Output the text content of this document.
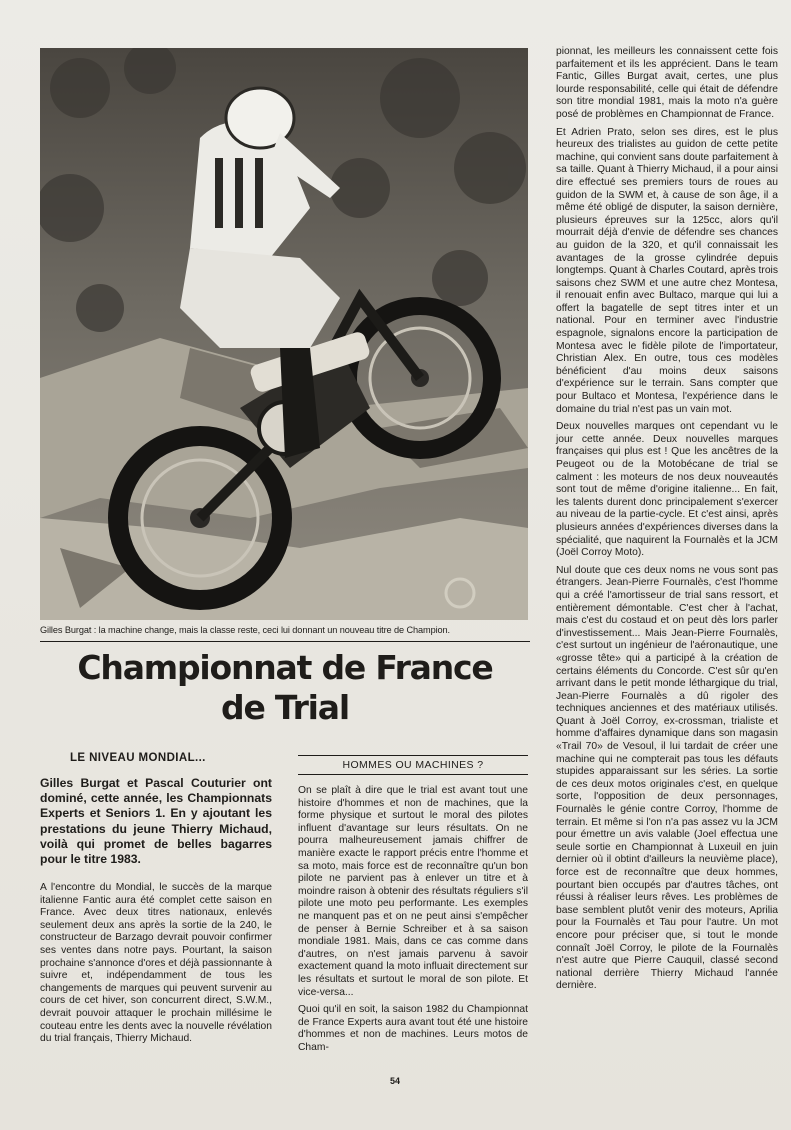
Gilles Burgat : la machine change, mais la classe reste, ceci lui donnant un nouveau titre de Champion.
Championnat de France
de Trial
LE NIVEAU MONDIAL...
HOMMES OU MACHINES ?
Gilles Burgat et Pascal Couturier ont dominé, cette année, les Championnats Experts et Seniors 1. En y ajoutant les prestations du jeune Thierry Michaud, voilà qui promet de belles bagarres pour le titre 1983.

A l'encontre du Mondial, le succès de la marque italienne Fantic aura été complet cette saison en France. Avec deux titres nationaux, enlevés seulement deux ans après la sortie de la 240, le constructeur de Barzago devrait pouvoir confirmer ses ventes dans notre pays. Pourtant, la saison prochaine s'annonce d'ores et déjà passionnante à suivre et, indépendamment de tous les changements de marques qui peuvent survenir au cours de cet hiver, son concurrent direct, S.W.M., devrait pouvoir attaquer le prochain millésime le couteau entre les dents avec la nouvelle révélation du trial français, Thierry Michaud.

On se plaît à dire que le trial est avant tout une histoire d'hommes et non de machines, que la forme physique et surtout le moral des pilotes influent d'avantage sur leurs résultats. On ne pourra malheureusement jamais chiffrer de manière exacte le rapport précis entre l'homme et sa moto, mais force est de reconnaître qu'un bon pilote ne parvient pas à enlever un titre et à moindre raison à obtenir des résultats réguliers s'il pilote une moto peu performante. Les exemples ne manquent pas et on ne peut ainsi s'empêcher de penser à Bernie Schreiber et à sa saison mondiale 1981. Mais, dans ce cas comme dans d'autres, on n'est jamais parvenu à savoir exactement quand la moto influait directement sur les résultats et surtout le moral de son pilote. Et vice-versa...

Quoi qu'il en soit, la saison 1982 du Championnat de France Experts aura avant tout été une histoire d'hommes et non de machines. Leurs motos de Cham-

pionnat, les meilleurs les connaissent cette fois parfaitement et ils les apprécient. Dans le team Fantic, Gilles Burgat avait, certes, une plus lourde responsabilité, celle qui était de défendre son titre mondial 1981, mais la moto n'a guère posé de problèmes en Championnat de France.

Et Adrien Prato, selon ses dires, est le plus heureux des trialistes au guidon de cette petite machine, qui convient sans doute parfaitement à sa taille. Quant à Thierry Michaud, il a pour ainsi dire effectué ses premiers tours de roues au guidon de la SWM et, à cause de son âge, il a même été obligé de disputer, la saison dernière, plusieurs épreuves sur la 125cc, alors qu'il mourrait déjà d'envie de défendre ses chances au guidon de la 320, et qu'il connaissait les avantages de la grosse cylindrée depuis longtemps. Quant à Charles Coutard, après trois saisons chez SWM et une autre chez Montesa, il renouait enfin avec Bultaco, marque qui lui a offert la bagatelle de sept titres inter et un national. Pour en terminer avec l'industrie espagnole, signalons encore la participation de Montesa avec le fidèle pilote de l'importateur, Christian Alex. En outre, tous ces modèles bénéficient d'au moins deux saisons d'expérience sur le terrain. Sans compter que pour Bultaco et Montesa, l'expérience dans le domaine du trial n'est pas un vain mot.

Deux nouvelles marques ont cependant vu le jour cette année. Deux nouvelles marques françaises qui plus est ! Que les ancêtres de la Peugeot ou de la Motobécane de trial se calment : les moteurs de nos deux nouveautés sont tout de même d'origine italienne... En fait, les talents durent donc principalement s'exercer au niveau de la partie-cycle. Et c'est ainsi, après plusieurs années d'expériences diverses dans la spécialité, que naquirent la Fournalès et la JCM (Joël Corroy Moto).

Nul doute que ces deux noms ne vous sont pas étrangers. Jean-Pierre Fournalès, c'est l'homme qui a créé l'amortisseur de trial sans ressort, et entièrement démontable. C'est cher à l'achat, mais c'est du costaud et on peut dès lors parler d'investissement... Mais Jean-Pierre Fournalès, c'est surtout un ingénieur de l'aéronautique, une «grosse tête» qui a participé à la création de certains éléments du Concorde. C'est sûr qu'en arrivant dans le petit monde léthargique du trial, Jean-Pierre Fournalès a dû rigoler des techniques anciennes et des matériaux utilisés. Quant à Joël Corroy, ex-crossman, trialiste et homme d'affaires dynamique dans son magasin «Trail 70» de Vesoul, il lui tardait de créer une machine qui ne compterait pas tous les défauts stupides apparaissant sur les séries. La sortie de ces deux motos originales c'est, en quelque sorte, l'opposition de deux personnages, Fournalès le génie contre Corroy, l'homme de terrain. Et même si l'on n'a pas assez vu la JCM pour émettre un avis valable (Joel effectua une seule sortie en Championnat à Luxeuil en juin dernier où il obtint d'ailleurs la neuvième place), force est de reconnaître que deux hommes, pourtant bien occupés par d'autres tâches, ont réussi à réaliser leurs rêves. Les problèmes de base semblent plutôt venir des moteurs, Aprilia pour la Fournalès et Tau pour l'autre. Un mot encore pour préciser que, si tout le monde connaît Joël Corroy, le pilote de la Fournalès n'est autre que Pierre Cauquil, classé second national derrière Thierry Michaud l'année dernière.

54
